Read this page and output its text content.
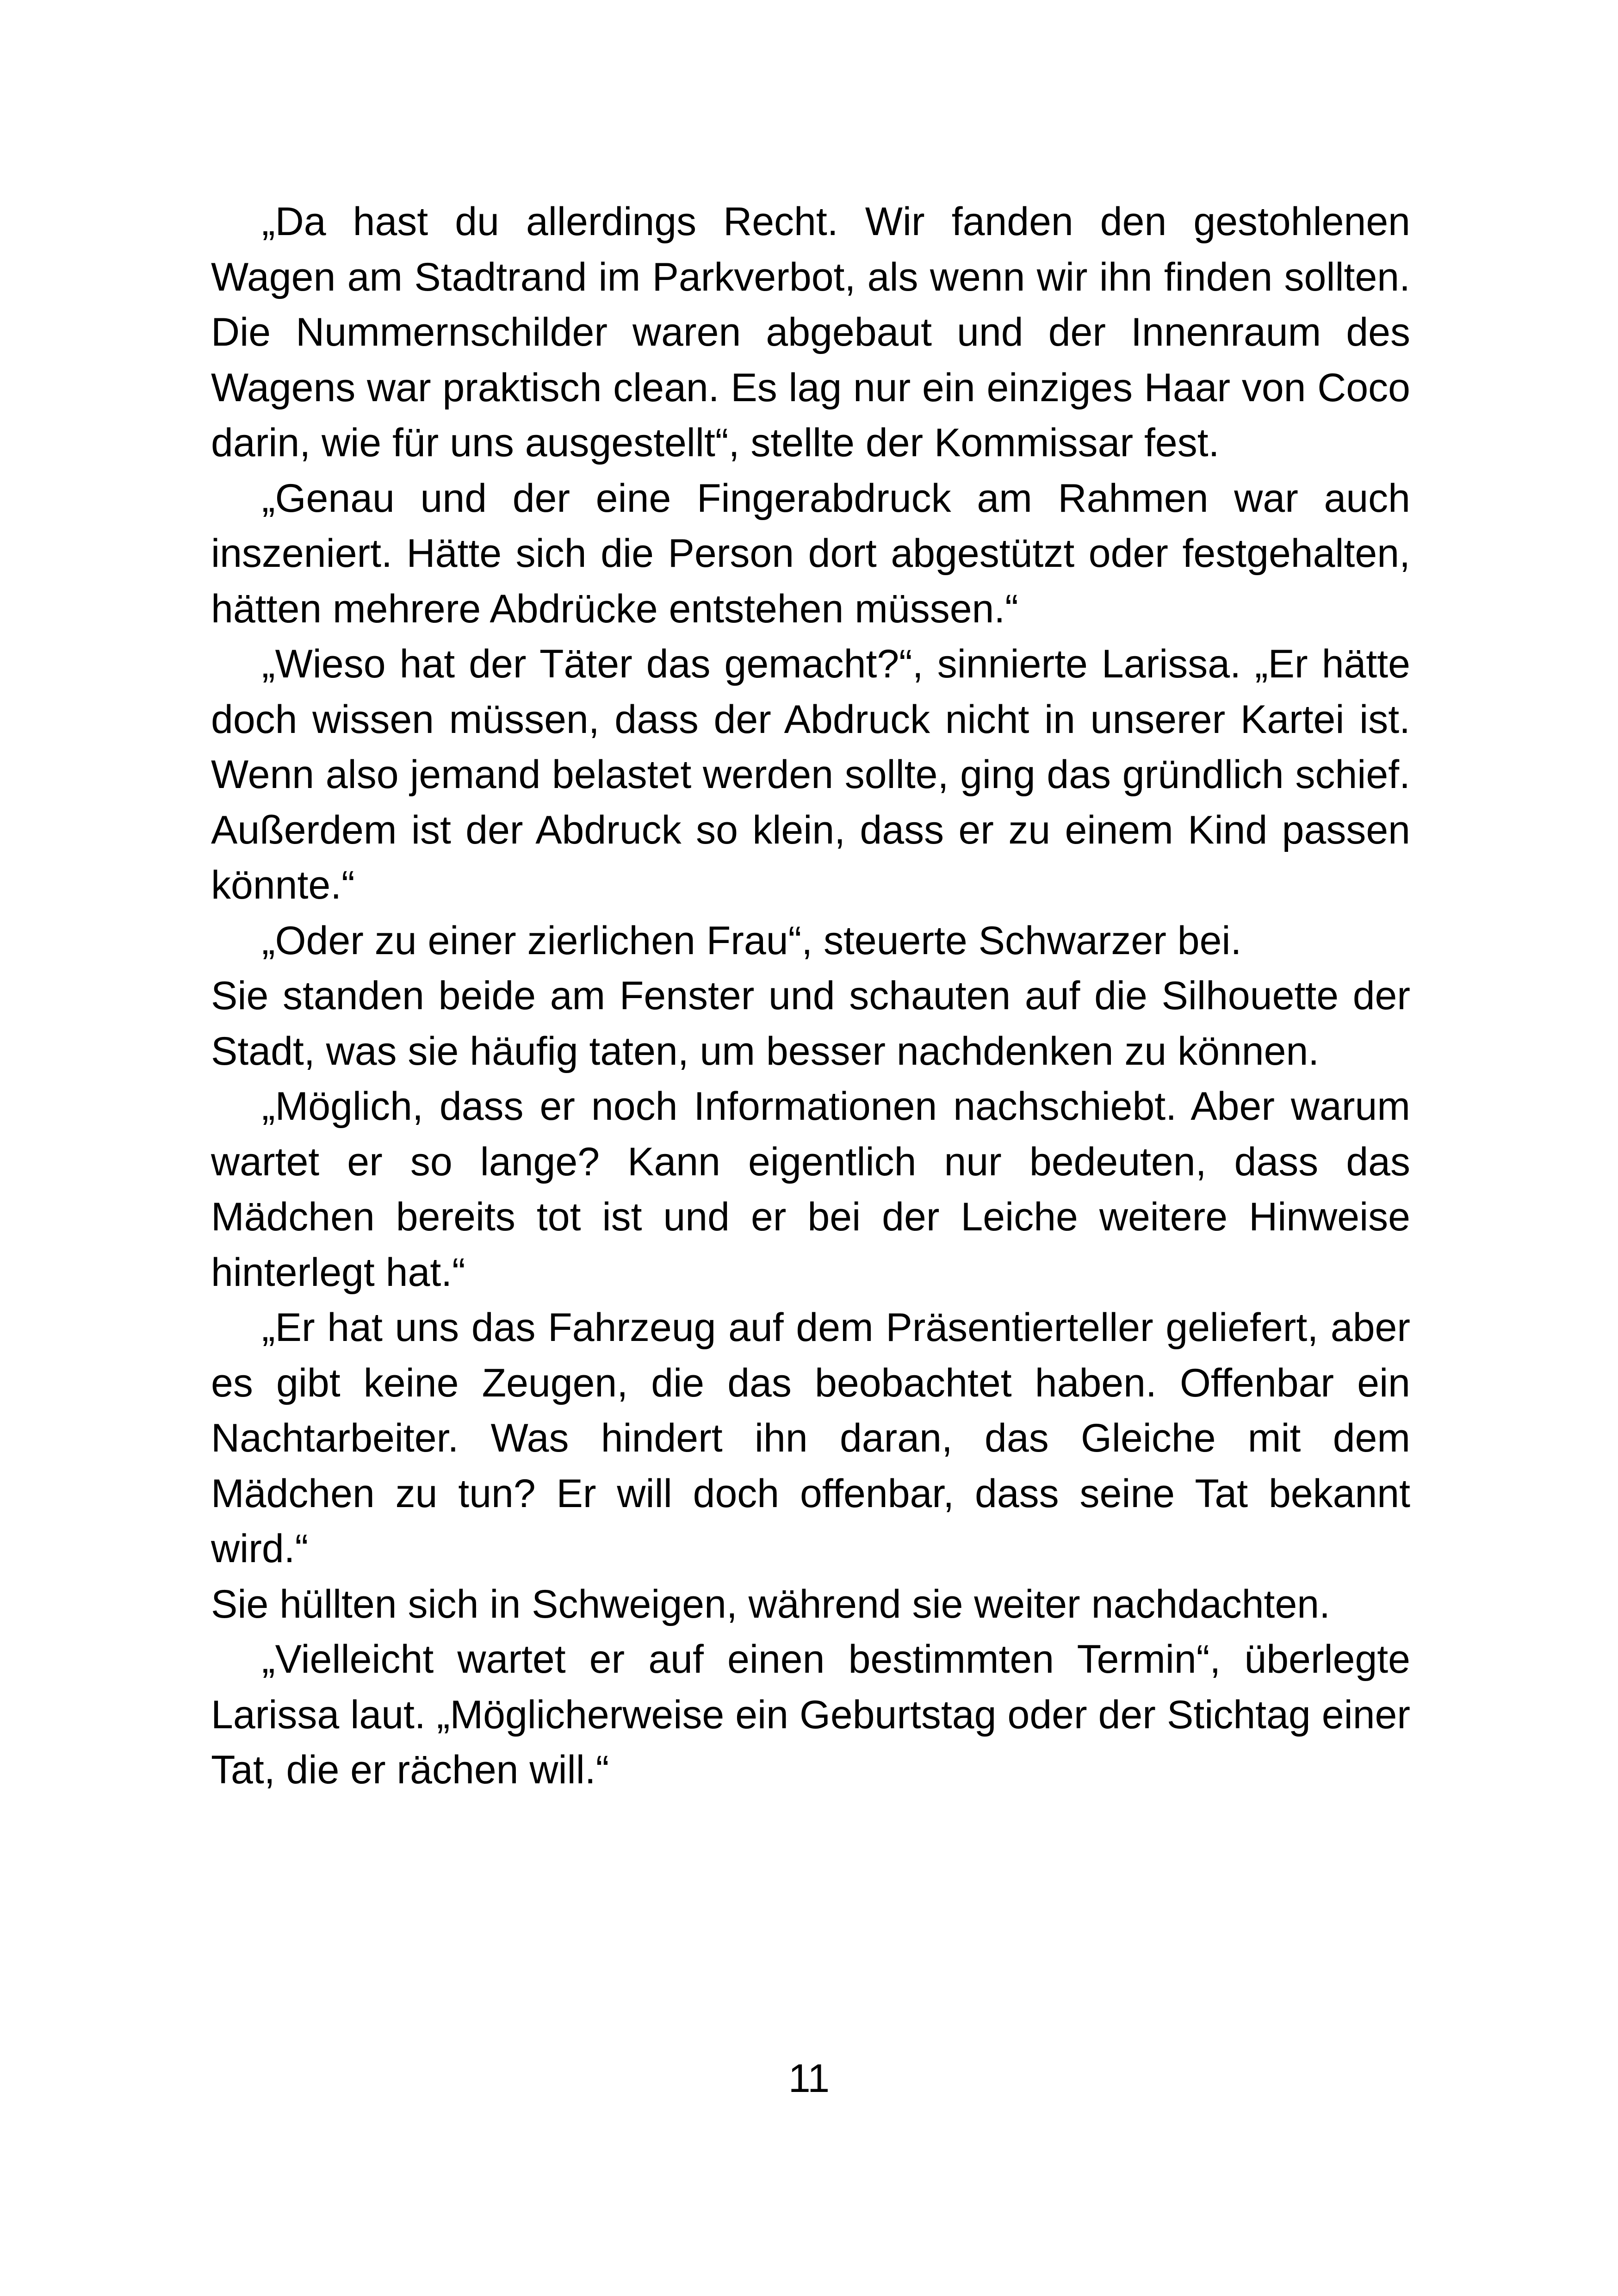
„Da hast du allerdings Recht. Wir fanden den gestohlenen Wagen am Stadtrand im Parkverbot, als wenn wir ihn finden sollten. Die Nummernschilder waren abgebaut und der Innenraum des Wagens war praktisch clean. Es lag nur ein einziges Haar von Coco darin, wie für uns ausgestellt“, stellte der Kommissar fest.

„Genau und der eine Fingerabdruck am Rahmen war auch inszeniert. Hätte sich die Person dort abgestützt oder festgehalten, hätten mehrere Abdrücke entstehen müssen.“

„Wieso hat der Täter das gemacht?“, sinnierte Larissa. „Er hätte doch wissen müssen, dass der Abdruck nicht in unserer Kartei ist. Wenn also jemand belastet werden sollte, ging das gründlich schief. Außerdem ist der Abdruck so klein, dass er zu einem Kind passen könnte.“

„Oder zu einer zierlichen Frau“, steuerte Schwarzer bei.

Sie standen beide am Fenster und schauten auf die Silhouette der Stadt, was sie häufig taten, um besser nachdenken zu können.

„Möglich, dass er noch Informationen nachschiebt. Aber warum wartet er so lange? Kann eigentlich nur bedeuten, dass das Mädchen bereits tot ist und er bei der Leiche weitere Hinweise hinterlegt hat.“

„Er hat uns das Fahrzeug auf dem Präsentierteller geliefert, aber es gibt keine Zeugen, die das beobachtet haben. Offenbar ein Nachtarbeiter. Was hindert ihn daran, das Gleiche mit dem Mädchen zu tun? Er will doch offenbar, dass seine Tat bekannt wird.“

Sie hüllten sich in Schweigen, während sie weiter nachdachten.

„Vielleicht wartet er auf einen bestimmten Termin“, überlegte Larissa laut. „Möglicherweise ein Geburtstag oder der Stichtag einer Tat, die er rächen will.“

11
